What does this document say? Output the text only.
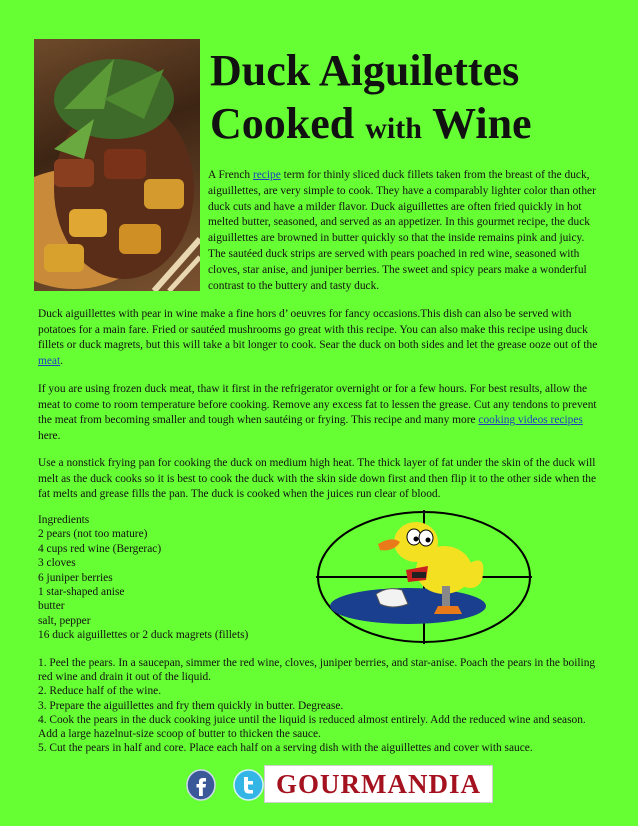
Duck Aiguilettes
Cooked with Wine
A French recipe term for thinly sliced duck fillets taken from the breast of the duck, aiguillettes, are very simple to cook. They have a comparably lighter color than other duck cuts and have a milder flavor. Duck aiguillettes are often fried quickly in hot melted butter, seasoned, and served as an appetizer. In this gourmet recipe, the duck aiguillettes are browned in butter quickly so that the inside remains pink and juicy. The sautéed duck strips are served with pears poached in red wine, seasoned with cloves, star anise, and juniper berries. The sweet and spicy pears make a wonderful contrast to the buttery and tasty duck.
Duck aiguillettes with pear in wine make a fine hors d’ oeuvres for fancy occasions.This dish can also be served with potatoes for a main fare. Fried or sautéed mushrooms go great with this recipe. You can also make this recipe using duck fillets or duck magrets, but this will take a bit longer to cook. Sear the duck on both sides and let the grease ooze out of the meat.
If you are using frozen duck meat, thaw it first in the refrigerator overnight or for a few hours. For best results, allow the meat to come to room temperature before cooking. Remove any excess fat to lessen the grease. Cut any tendons to prevent the meat from becoming smaller and tough when sautéing or frying. This recipe and many more cooking videos recipes here.
Use a nonstick frying pan for cooking the duck on medium high heat. The thick layer of fat under the skin of the duck will melt as the duck cooks so it is best to cook the duck with the skin side down first and then flip it to the other side when the fat melts and grease fills the pan. The duck is cooked when the juices run clear of blood.
Ingredients
2 pears (not too mature)
4 cups red wine (Bergerac)
3 cloves
6 juniper berries
1 star-shaped anise
butter
salt, pepper
16 duck aiguillettes or 2 duck magrets (fillets)
1. Peel the pears. In a saucepan, simmer the red wine, cloves, juniper berries, and star-anise. Poach the pears in the boiling red wine and drain it out of the liquid.
2. Reduce half of the wine.
3. Prepare the aiguillettes and fry them quickly in butter. Degrease.
4. Cook the pears in the duck cooking juice until the liquid is reduced almost entirely. Add the reduced wine and season. Add a large hazelnut-size scoop of butter to thicken the sauce.
5. Cut the pears in half and core. Place each half on a serving dish with the aiguillettes and cover with sauce.
GOURMANDIA
